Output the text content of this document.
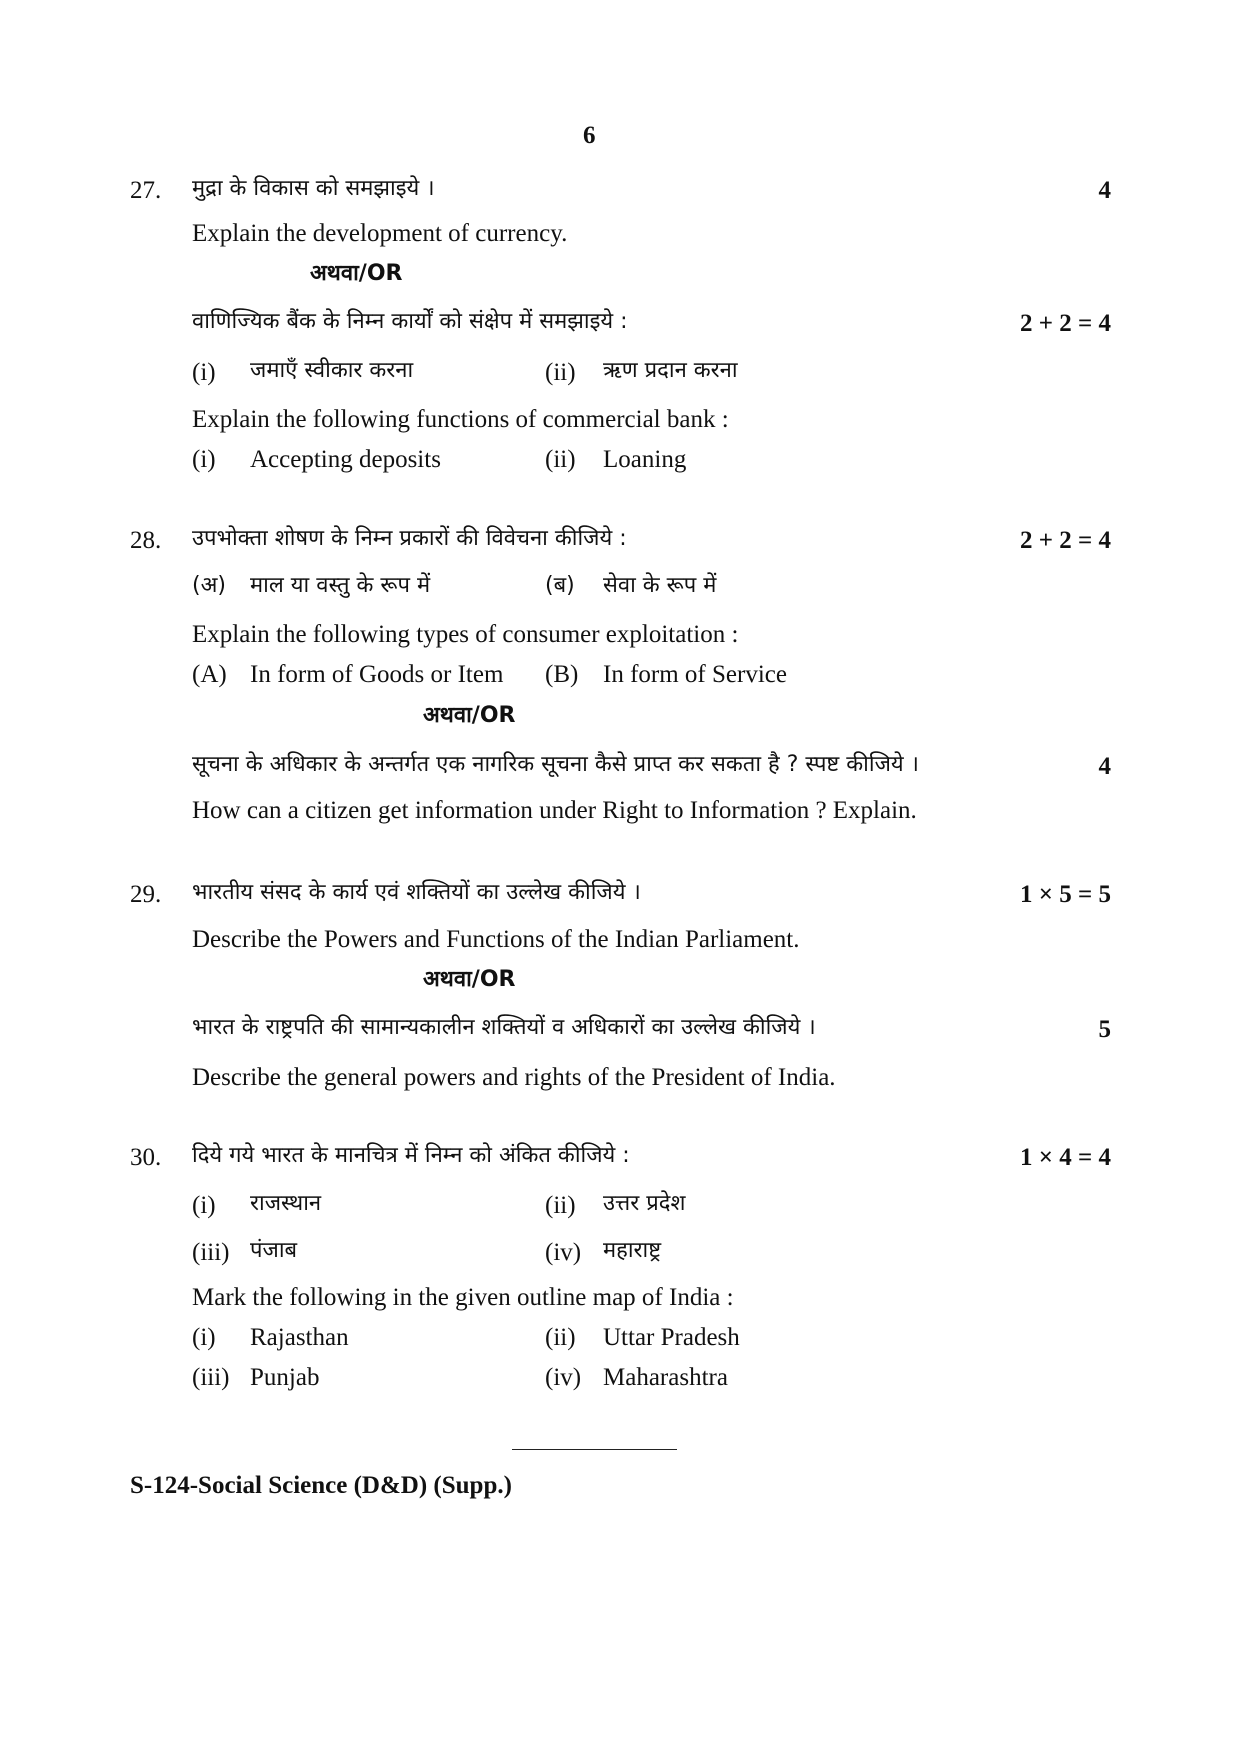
6
27. मुद्रा के विकास को समझाइये ।	4
Explain the development of currency.
अथवा/OR
वाणिज्यिक बैंक के निम्न कार्यों को संक्षेप में समझाइये :	2 + 2 = 4
(i) जमाएँ स्वीकार करना	(ii) ऋण प्रदान करना
Explain the following functions of commercial bank :
(i) Accepting deposits	(ii) Loaning
28. उपभोक्ता शोषण के निम्न प्रकारों की विवेचना कीजिये :	2 + 2 = 4
(अ) माल या वस्तु के रूप में	(ब) सेवा के रूप में
Explain the following types of consumer exploitation :
(A) In form of Goods or Item (B) In form of Service
अथवा/OR
सूचना के अधिकार के अन्तर्गत एक नागरिक सूचना कैसे प्राप्त कर सकता है ? स्पष्ट कीजिये ।	4
How can a citizen get information under Right to Information ? Explain.
29. भारतीय संसद के कार्य एवं शक्तियों का उल्लेख कीजिये ।	1 × 5 = 5
Describe the Powers and Functions of the Indian Parliament.
अथवा/OR
भारत के राष्ट्रपति की सामान्यकालीन शक्तियों व अधिकारों का उल्लेख कीजिये ।	5
Describe the general powers and rights of the President of India.
30. दिये गये भारत के मानचित्र में निम्न को अंकित कीजिये :	1 × 4 = 4
(i) राजस्थान	(ii) उत्तर प्रदेश
(iii) पंजाब	(iv) महाराष्ट्र
Mark the following in the given outline map of India :
(i) Rajasthan	(ii) Uttar Pradesh
(iii) Punjab	(iv) Maharashtra
S-124-Social Science (D&D) (Supp.)
